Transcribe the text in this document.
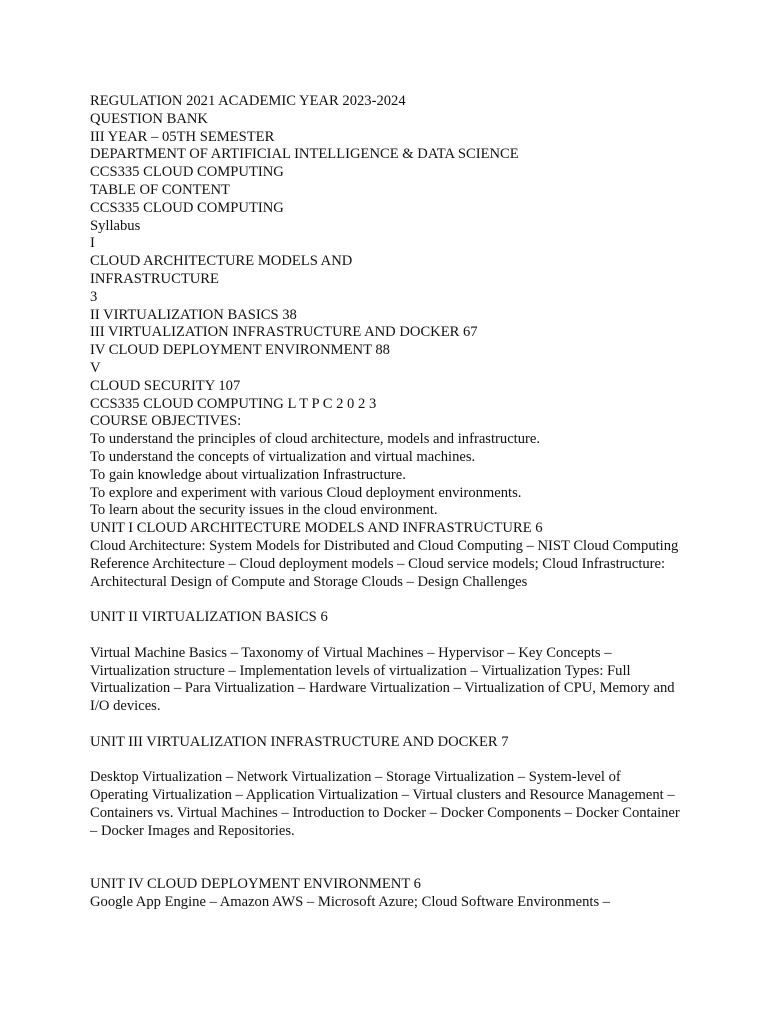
REGULATION 2021 ACADEMIC YEAR 2023-2024
QUESTION BANK
III YEAR – 05TH SEMESTER
DEPARTMENT OF ARTIFICIAL INTELLIGENCE & DATA SCIENCE
CCS335 CLOUD COMPUTING
TABLE OF CONTENT
CCS335 CLOUD COMPUTING
Syllabus
I
CLOUD ARCHITECTURE MODELS AND
INFRASTRUCTURE
3
II VIRTUALIZATION BASICS 38
III VIRTUALIZATION INFRASTRUCTURE AND DOCKER 67
IV CLOUD DEPLOYMENT ENVIRONMENT 88
V
CLOUD SECURITY 107
CCS335 CLOUD COMPUTING L T P C 2 0 2 3
COURSE OBJECTIVES:
To understand the principles of cloud architecture, models and infrastructure.
To understand the concepts of virtualization and virtual machines.
To gain knowledge about virtualization Infrastructure.
To explore and experiment with various Cloud deployment environments.
To learn about the security issues in the cloud environment.
UNIT I CLOUD ARCHITECTURE MODELS AND INFRASTRUCTURE 6
Cloud Architecture: System Models for Distributed and Cloud Computing – NIST Cloud Computing Reference Architecture – Cloud deployment models – Cloud service models; Cloud Infrastructure: Architectural Design of Compute and Storage Clouds – Design Challenges
UNIT II VIRTUALIZATION BASICS 6
Virtual Machine Basics – Taxonomy of Virtual Machines – Hypervisor – Key Concepts – Virtualization structure – Implementation levels of virtualization – Virtualization Types: Full Virtualization – Para Virtualization – Hardware Virtualization – Virtualization of CPU, Memory and I/O devices.
UNIT III VIRTUALIZATION INFRASTRUCTURE AND DOCKER 7
Desktop Virtualization – Network Virtualization – Storage Virtualization – System-level of Operating Virtualization – Application Virtualization – Virtual clusters and Resource Management – Containers vs. Virtual Machines – Introduction to Docker – Docker Components – Docker Container – Docker Images and Repositories.
UNIT IV CLOUD DEPLOYMENT ENVIRONMENT 6
Google App Engine – Amazon AWS – Microsoft Azure; Cloud Software Environments –
